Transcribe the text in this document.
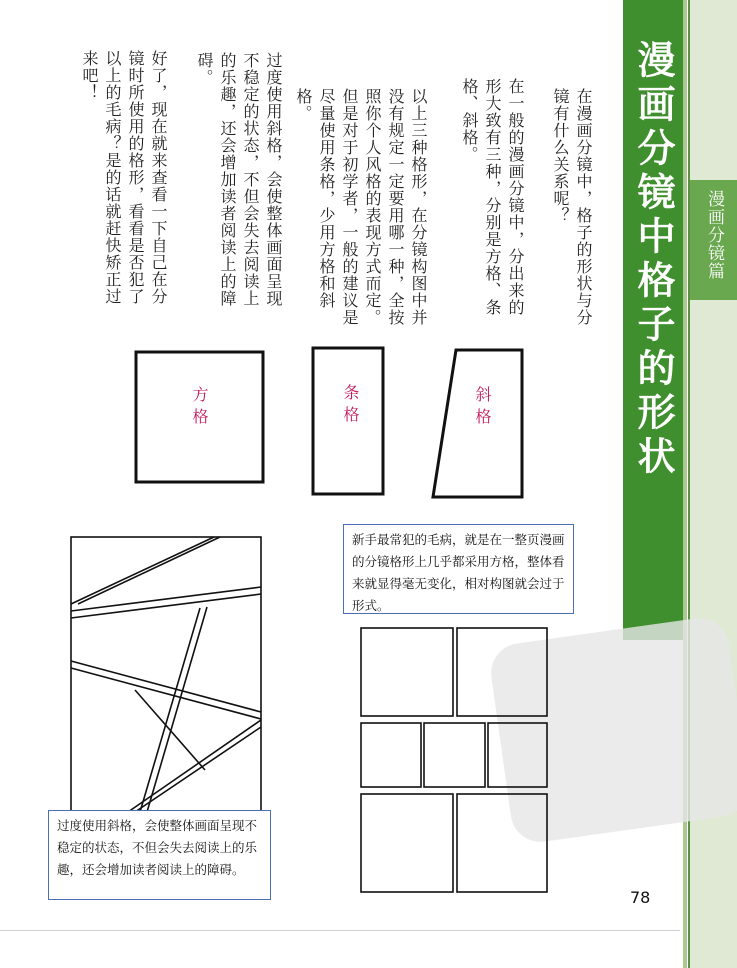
漫画分镜中格子的形状	漫画分镜篇
在漫画分镜中，格子的形状与分镜有什么关系呢？
在一般的漫画分镜中，分出来的形大致有三种，分别是方格、条格、斜格。
以上三种格形，在分镜构图中并没有规定一定要用哪一种，全按照你个人风格的表现方式而定。但是对于初学者，一般的建议是尽量使用条格，少用方格和斜格。
过度使用斜格，会使整体画面呈现不稳定的状态，不但会失去阅读上的乐趣，还会增加读者阅读上的障碍。
好了，现在就来查看一下自己在分镜时所使用的格形，看看是否犯了以上的毛病？是的话就赶快矫正过来吧！
方格	条格	斜格
新手最常犯的毛病，就是在一整页漫画的分镜格形上几乎都采用方格，整体看来就显得毫无变化，相对构图就会过于形式。
过度使用斜格，会使整体画面呈现不稳定的状态，不但会失去阅读上的乐趣，还会增加读者阅读上的障碍。
78
